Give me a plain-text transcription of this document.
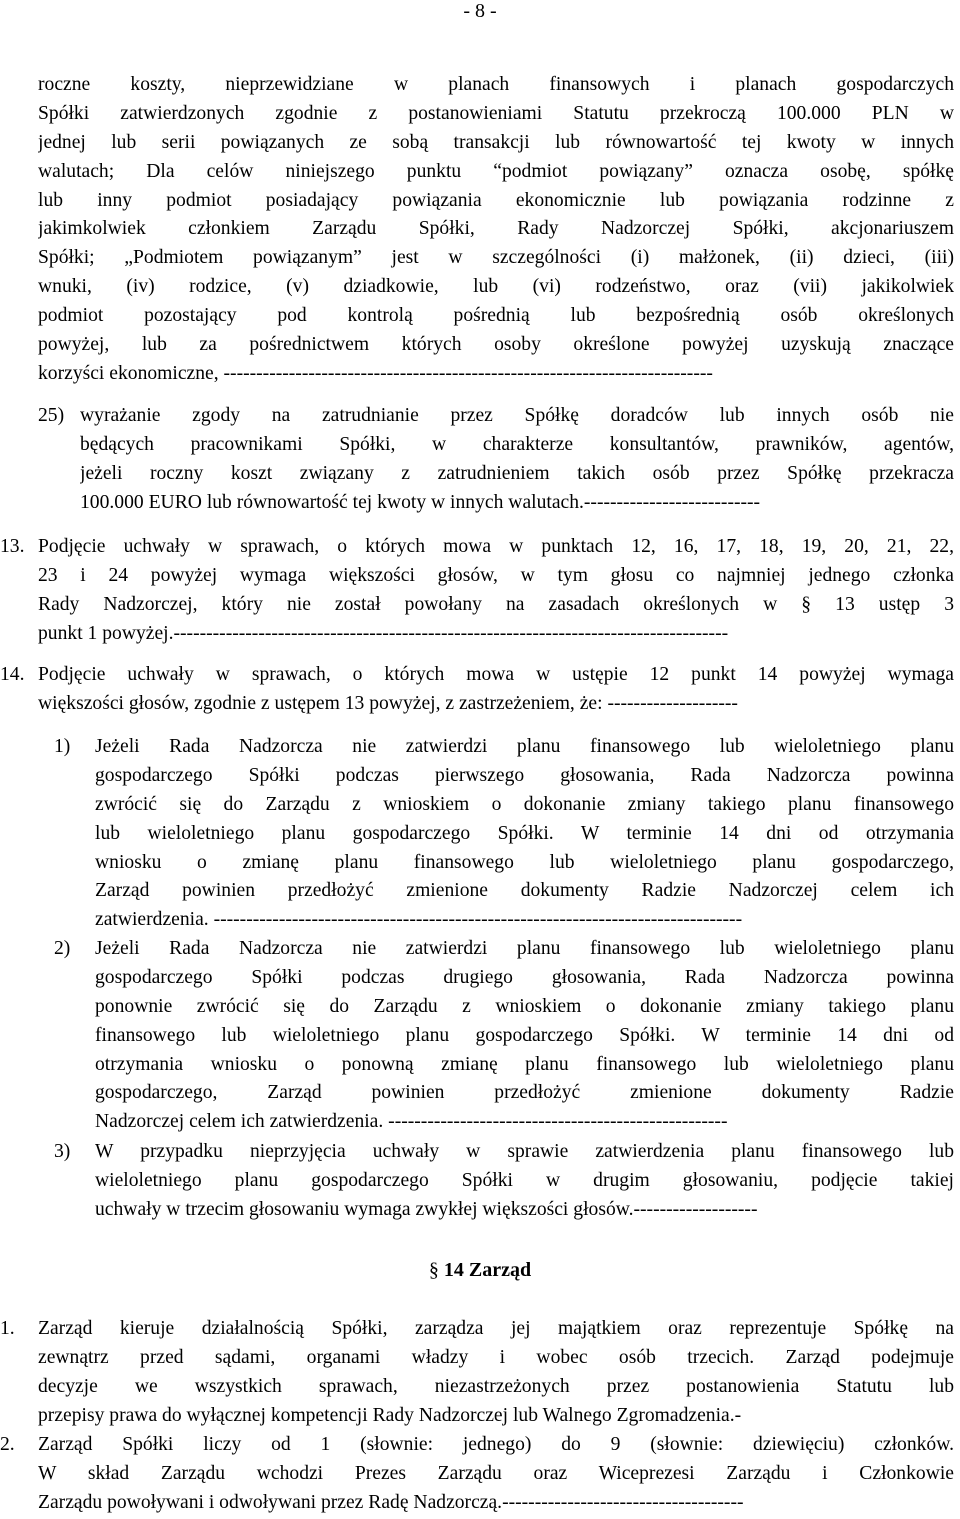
- 8 -
roczne koszty, nieprzewidziane w planach finansowych i planach gospodarczych
Spółki zatwierdzonych zgodnie z postanowieniami Statutu przekroczą 100.000 PLN w
jednej lub serii powiązanych ze sobą transakcji lub równowartość tej kwoty w innych
walutach; Dla celów niniejszego punktu “podmiot powiązany” oznacza osobę, spółkę
lub inny podmiot posiadający powiązania ekonomicznie lub powiązania rodzinne z
jakimkolwiek członkiem Zarządu Spółki, Rady Nadzorczej Spółki, akcjonariuszem
Spółki; „Podmiotem powiązanym” jest w szczególności (i) małżonek, (ii) dzieci, (iii)
wnuki, (iv) rodzice, (v) dziadkowie, lub (vi) rodzeństwo, oraz (vii) jakikolwiek
podmiot pozostający pod kontrolą pośrednią lub bezpośrednią osób określonych
powyżej, lub za pośrednictwem których osoby określone powyżej uzyskują znaczące
korzyści ekonomiczne, ---------------------------------------------------------------------------
25) wyrażanie zgody na zatrudnianie przez Spółkę doradców lub innych osób nie
będących pracownikami Spółki, w charakterze konsultantów, prawników, agentów,
jeżeli roczny koszt związany z zatrudnieniem takich osób przez Spółkę przekracza
100.000 EURO lub równowartość tej kwoty w innych walutach.---------------------------
13. Podjęcie uchwały w sprawach, o których mowa w punktach 12, 16, 17, 18, 19, 20, 21, 22,
23 i 24 powyżej wymaga większości głosów, w tym głosu co najmniej jednego członka
Rady Nadzorczej, który nie został powołany na zasadach określonych w § 13 ustęp 3
punkt 1 powyżej.-------------------------------------------------------------------------------------
14. Podjęcie uchwały w sprawach, o których mowa w ustępie 12 punkt 14 powyżej wymaga
większości głosów, zgodnie z ustępem 13 powyżej, z zastrzeżeniem, że: --------------------
1) Jeżeli Rada Nadzorcza nie zatwierdzi planu finansowego lub wieloletniego planu
gospodarczego Spółki podczas pierwszego głosowania, Rada Nadzorcza powinna
zwrócić się do Zarządu z wnioskiem o dokonanie zmiany takiego planu finansowego
lub wieloletniego planu gospodarczego Spółki. W terminie 14 dni od otrzymania
wniosku o zmianę planu finansowego lub wieloletniego planu gospodarczego,
Zarząd powinien przedłożyć zmienione dokumenty Radzie Nadzorczej celem ich
zatwierdzenia. ---------------------------------------------------------------------------------
2) Jeżeli Rada Nadzorcza nie zatwierdzi planu finansowego lub wieloletniego planu
gospodarczego Spółki podczas drugiego głosowania, Rada Nadzorcza powinna
ponownie zwrócić się do Zarządu z wnioskiem o dokonanie zmiany takiego planu
finansowego lub wieloletniego planu gospodarczego Spółki. W terminie 14 dni od
otrzymania wniosku o ponowną zmianę planu finansowego lub wieloletniego planu
gospodarczego, Zarząd powinien przedłożyć zmienione dokumenty Radzie
Nadzorczej celem ich zatwierdzenia. ----------------------------------------------------
3) W przypadku nieprzyjęcia uchwały w sprawie zatwierdzenia planu finansowego lub
wieloletniego planu gospodarczego Spółki w drugim głosowaniu, podjęcie takiej
uchwały w trzecim głosowaniu wymaga zwykłej większości głosów.-------------------
§ 14 Zarząd
1. Zarząd kieruje działalnością Spółki, zarządza jej majątkiem oraz reprezentuje Spółkę na
zewnątrz przed sądami, organami władzy i wobec osób trzecich. Zarząd podejmuje
decyzje we wszystkich sprawach, niezastrzeżonych przez postanowienia Statutu lub
przepisy prawa do wyłącznej kompetencji Rady Nadzorczej lub Walnego Zgromadzenia.-
2. Zarząd Spółki liczy od 1 (słownie: jednego) do 9 (słownie: dziewięciu) członków.
W skład Zarządu wchodzi Prezes Zarządu oraz Wiceprezesi Zarządu i Członkowie
Zarządu powoływani i odwoływani przez Radę Nadzorczą.-------------------------------------
